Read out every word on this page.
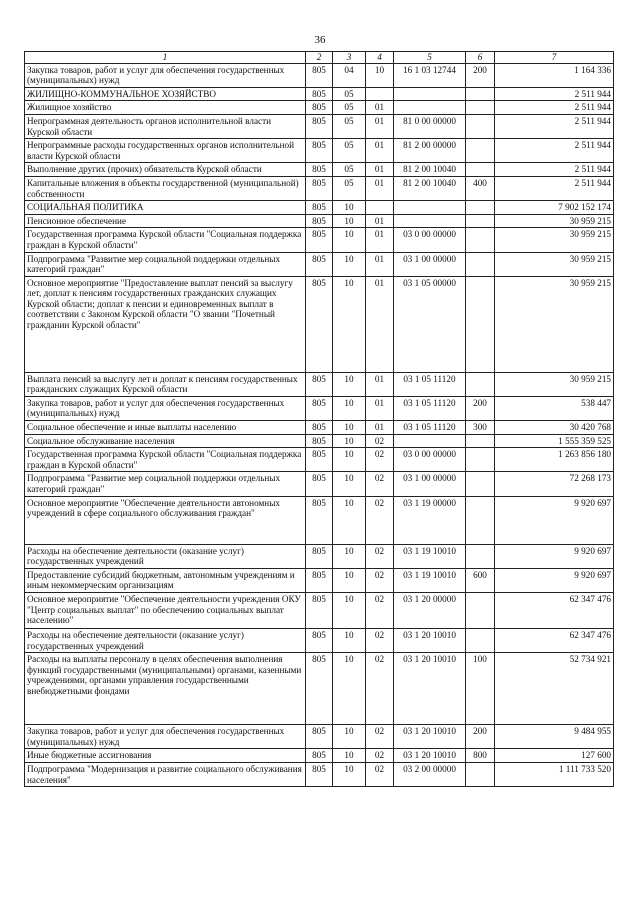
36
1	2	3	4	5	6	7
Закупка товаров, работ и услуг для обеспечения государственных (муниципальных) нужд	805	04	10	16 1 03 12744	200	1 164 336
ЖИЛИЩНО-КОММУНАЛЬНОЕ ХОЗЯЙСТВО	805	05				2 511 944
Жилищное хозяйство	805	05	01			2 511 944
Непрограммная деятельность органов исполнительной власти Курской области	805	05	01	81 0 00 00000		2 511 944
Непрограммные расходы государственных органов исполнительной власти Курской области	805	05	01	81 2 00 00000		2 511 944
Выполнение других (прочих) обязательств Курской области	805	05	01	81 2 00 10040		2 511 944
Капитальные вложения в объекты государственной (муниципальной) собственности	805	05	01	81 2 00 10040	400	2 511 944
СОЦИАЛЬНАЯ ПОЛИТИКА	805	10				7 902 152 174
Пенсионное обеспечение	805	10	01			30 959 215
Государственная программа Курской области "Социальная поддержка граждан в Курской области"	805	10	01	03 0 00 00000		30 959 215
Подпрограмма "Развитие мер социальной поддержки отдельных категорий граждан"	805	10	01	03 1 00 00000		30 959 215
Основное мероприятие "Предоставление выплат пенсий за выслугу лет, доплат к пенсиям государственных гражданских служащих Курской области; доплат к пенсии и единовременных выплат в соответствии с Законом Курской области "О звании "Почетный гражданин Курской области"	805	10	01	03 1 05 00000		30 959 215
Выплата пенсий за выслугу лет и доплат к пенсиям государственных гражданских служащих Курской области	805	10	01	03 1 05 11120		30 959 215
Закупка товаров, работ и услуг для обеспечения государственных (муниципальных) нужд	805	10	01	03 1 05 11120	200	538 447
Социальное обеспечение и иные выплаты населению	805	10	01	03 1 05 11120	300	30 420 768
Социальное обслуживание населения	805	10	02			1 555 359 525
Государственная программа Курской области "Социальная поддержка граждан в Курской области"	805	10	02	03 0 00 00000		1 263 856 180
Подпрограмма "Развитие мер социальной поддержки отдельных категорий граждан"	805	10	02	03 1 00 00000		72 268 173
Основное мероприятие "Обеспечение деятельности автономных учреждений в сфере социального обслуживания граждан"	805	10	02	03 1 19 00000		9 920 697
Расходы на обеспечение деятельности (оказание услуг) государственных учреждений	805	10	02	03 1 19 10010		9 920 697
Предоставление субсидий бюджетным, автономным учреждениям и иным некоммерческим организациям	805	10	02	03 1 19 10010	600	9 920 697
Основное мероприятие "Обеспечение деятельности учреждения ОКУ "Центр социальных выплат" по обеспечению социальных выплат населению"	805	10	02	03 1 20 00000		62 347 476
Расходы на обеспечение деятельности (оказание услуг) государственных учреждений	805	10	02	03 1 20 10010		62 347 476
Расходы на выплаты персоналу в целях обеспечения выполнения функций государственными (муниципальными) органами, казенными учреждениями, органами управления государственными внебюджетными фондами	805	10	02	03 1 20 10010	100	52 734 921
Закупка товаров, работ и услуг для обеспечения государственных (муниципальных) нужд	805	10	02	03 1 20 10010	200	9 484 955
Иные бюджетные ассигнования	805	10	02	03 1 20 10010	800	127 600
Подпрограмма "Модернизация и развитие социального обслуживания населения"	805	10	02	03 2 00 00000		1 111 733 520
